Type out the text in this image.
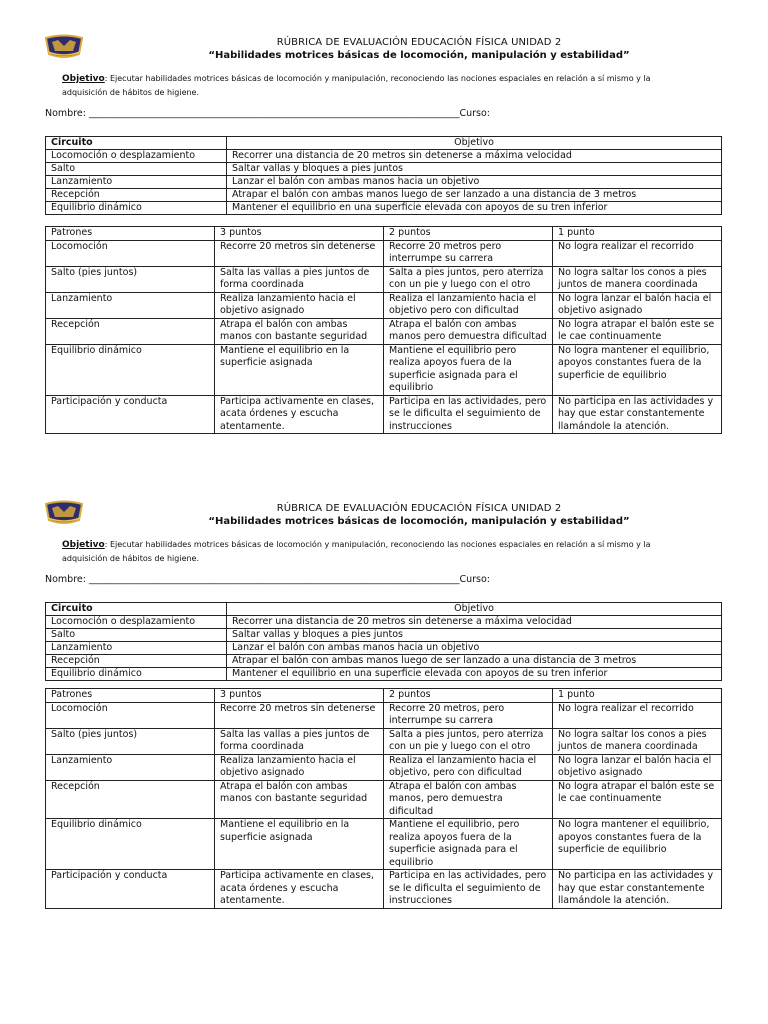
RÚBRICA DE EVALUACIÓN EDUCACIÓN FÍSICA UNIDAD 2
“Habilidades motrices básicas de locomoción, manipulación y estabilidad”
Objetivo: Ejecutar habilidades motrices básicas de locomoción y manipulación, reconociendo las nociones espaciales en relación a sí mismo y la adquisición de hábitos de higiene.
Nombre: ______________________________________________________________________________Curso:
Circuito	Objetivo
Locomoción o desplazamiento	Recorrer una distancia de 20 metros sin detenerse a máxima velocidad
Salto	Saltar vallas y bloques a pies juntos
Lanzamiento	Lanzar el balón con ambas manos hacia un objetivo
Recepción	Atrapar el balón con ambas manos luego de ser lanzado a una distancia de 3 metros
Equilibrio dinámico	Mantener el equilibrio en una superficie elevada con apoyos de su tren inferior
Patrones	3 puntos	2 puntos	1 punto
Locomoción	Recorre 20 metros sin detenerse	Recorre 20 metros pero interrumpe su carrera	No logra realizar el recorrido
Salto (pies juntos)	Salta las vallas a pies juntos de forma coordinada	Salta a pies juntos, pero aterriza con un pie y luego con el otro	No logra saltar los conos a pies juntos de manera coordinada
Lanzamiento	Realiza lanzamiento hacia el objetivo asignado	Realiza el lanzamiento hacia el objetivo pero con dificultad	No logra lanzar el balón hacia el objetivo asignado
Recepción	Atrapa el balón con ambas manos con bastante seguridad	Atrapa el balón con ambas manos pero demuestra dificultad	No logra atrapar el balón este se le cae continuamente
Equilibrio dinámico	Mantiene el equilibrio en la superficie asignada	Mantiene el equilibrio pero realiza apoyos fuera de la superficie asignada para el equilibrio	No logra mantener el equilibrio, apoyos constantes fuera de la superficie de equilibrio
Participación y conducta	Participa activamente en clases, acata órdenes y escucha atentamente.	Participa en las actividades, pero se le dificulta el seguimiento de instrucciones	No participa en las actividades y hay que estar constantemente llamándole la atención.
RÚBRICA DE EVALUACIÓN EDUCACIÓN FÍSICA UNIDAD 2
“Habilidades motrices básicas de locomoción, manipulación y estabilidad”
Objetivo: Ejecutar habilidades motrices básicas de locomoción y manipulación, reconociendo las nociones espaciales en relación a sí mismo y la adquisición de hábitos de higiene.
Nombre: ______________________________________________________________________________Curso:
Circuito	Objetivo
Locomoción o desplazamiento	Recorrer una distancia de 20 metros sin detenerse a máxima velocidad
Salto	Saltar vallas y bloques a pies juntos
Lanzamiento	Lanzar el balón con ambas manos hacia un objetivo
Recepción	Atrapar el balón con ambas manos luego de ser lanzado a una distancia de 3 metros
Equilibrio dinámico	Mantener el equilibrio en una superficie elevada con apoyos de su tren inferior
Patrones	3 puntos	2 puntos	1 punto
Locomoción	Recorre 20 metros sin detenerse	Recorre 20 metros, pero interrumpe su carrera	No logra realizar el recorrido
Salto (pies juntos)	Salta las vallas a pies juntos de forma coordinada	Salta a pies juntos, pero aterriza con un pie y luego con el otro	No logra saltar los conos a pies juntos de manera coordinada
Lanzamiento	Realiza lanzamiento hacia el objetivo asignado	Realiza el lanzamiento hacia el objetivo, pero con dificultad	No logra lanzar el balón hacia el objetivo asignado
Recepción	Atrapa el balón con ambas manos con bastante seguridad	Atrapa el balón con ambas manos, pero demuestra dificultad	No logra atrapar el balón este se le cae continuamente
Equilibrio dinámico	Mantiene el equilibrio en la superficie asignada	Mantiene el equilibrio, pero realiza apoyos fuera de la superficie asignada para el equilibrio	No logra mantener el equilibrio, apoyos constantes fuera de la superficie de equilibrio
Participación y conducta	Participa activamente en clases, acata órdenes y escucha atentamente.	Participa en las actividades, pero se le dificulta el seguimiento de instrucciones	No participa en las actividades y hay que estar constantemente llamándole la atención.
